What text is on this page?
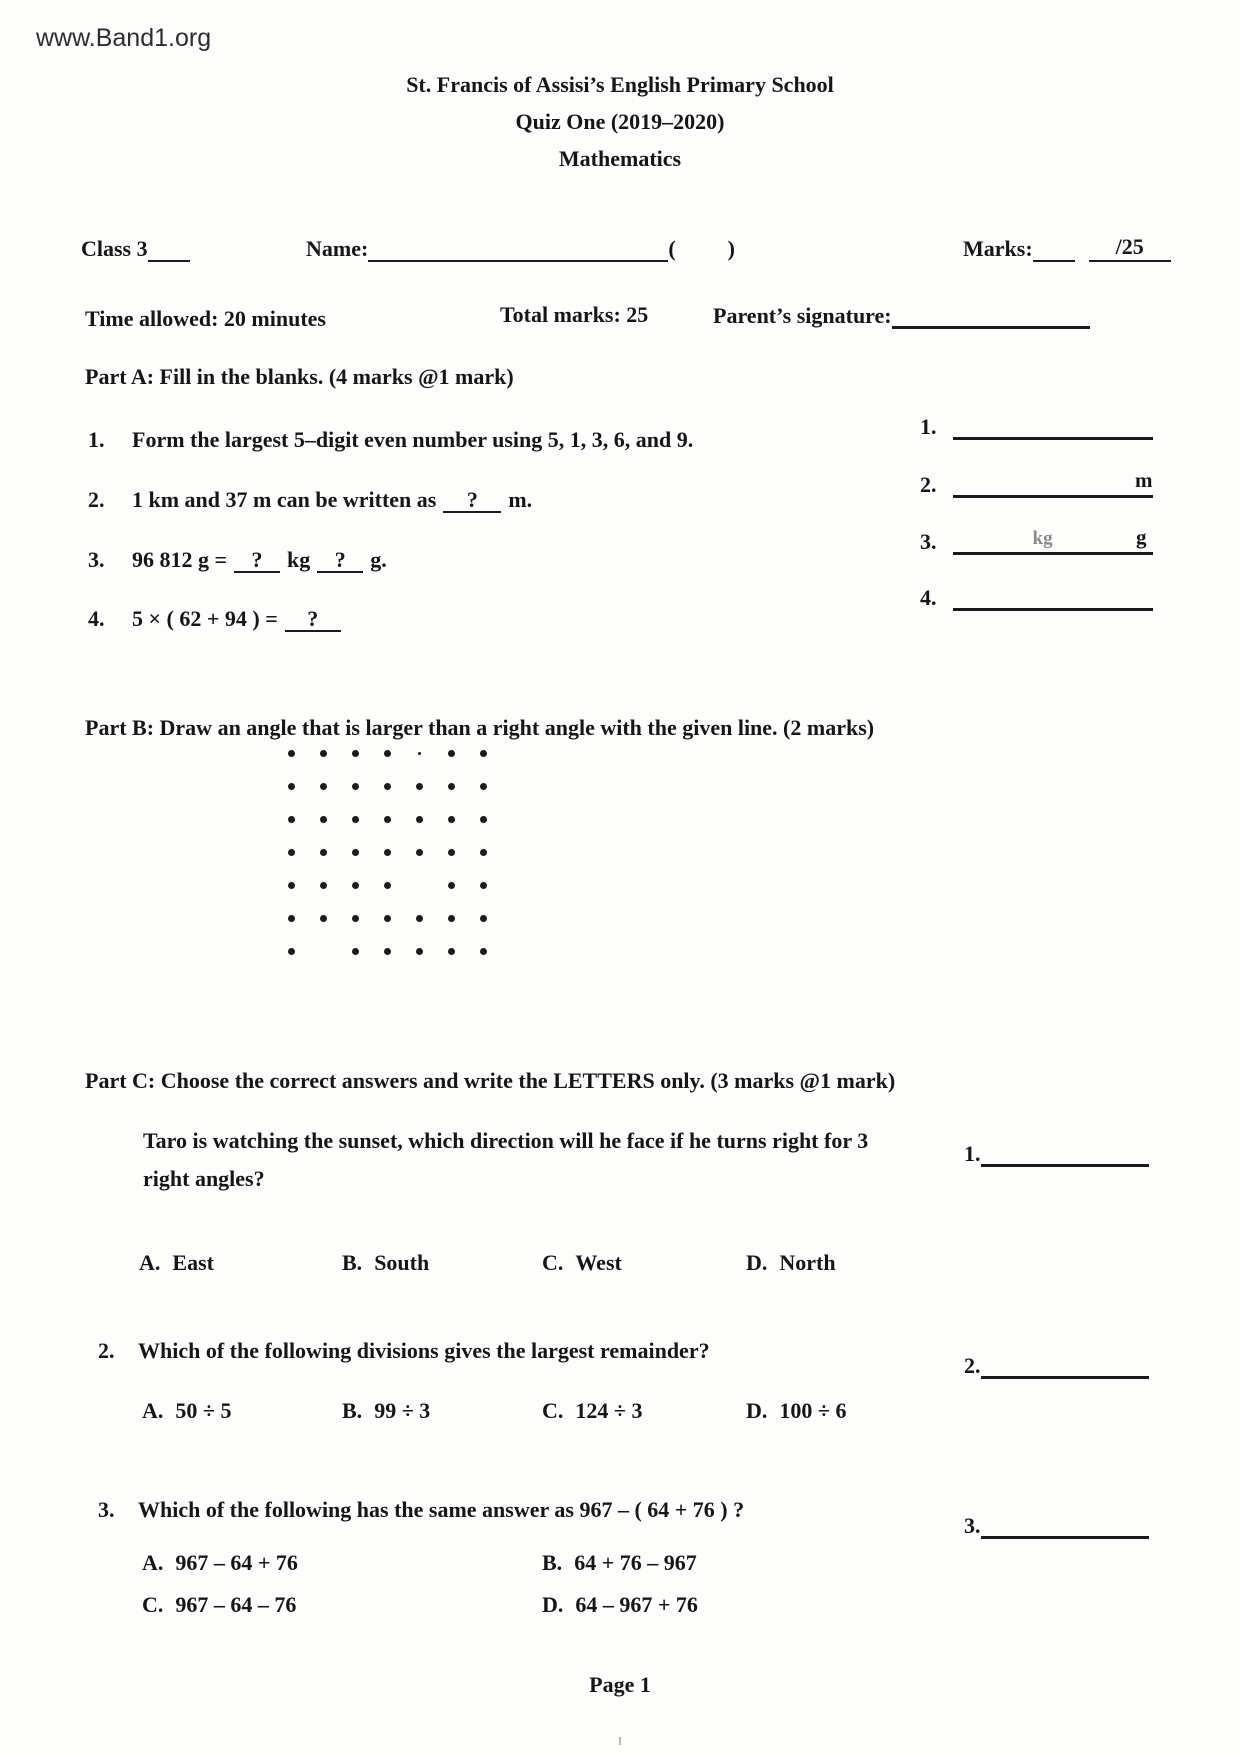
www.Band1.org
St. Francis of Assisi’s English Primary School
Quiz One (2019–2020)
Mathematics
Class 3	Name:	( )	Marks:	/25
Time allowed: 20 minutes	Total marks: 25	Parent’s signature:
Part A: Fill in the blanks. (4 marks @1 mark)
1. Form the largest 5–digit even number using 5, 1, 3, 6, and 9.
2. 1 km and 37 m can be written as ? m.
3. 96 812 g = ? kg ? g.
4. 5 × ( 62 + 94 ) = ?
1.
2.	m
3.	kg	g
4.
Part B: Draw an angle that is larger than a right angle with the given line. (2 marks)
Part C: Choose the correct answers and write the LETTERS only. (3 marks @1 mark)
Taro is watching the sunset, which direction will he face if he turns right for 3
right angles?
1.
A. East	B. South	C. West	D. North
2. Which of the following divisions gives the largest remainder?
2.
A. 50 ÷ 5	B. 99 ÷ 3	C. 124 ÷ 3	D. 100 ÷ 6
3. Which of the following has the same answer as 967 – ( 64 + 76 ) ?
3.
A. 967 – 64 + 76	B. 64 + 76 – 967
C. 967 – 64 – 76	D. 64 – 967 + 76
Page 1
